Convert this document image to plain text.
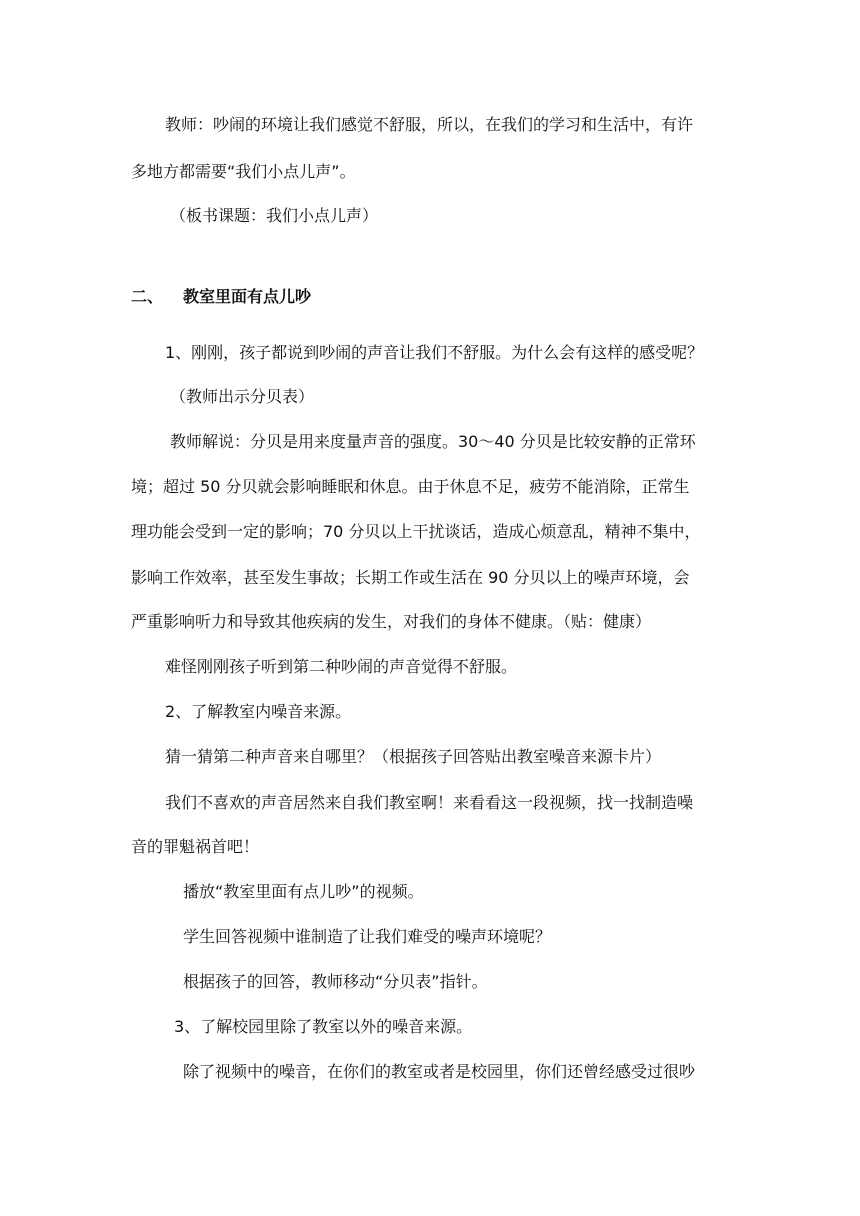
教师：吵闹的环境让我们感觉不舒服，所以，在我们的学习和生活中，有许

多地方都需要“我们小点儿声”。

（板书课题：我们小点儿声）

二、 教室里面有点儿吵

1、刚刚，孩子都说到吵闹的声音让我们不舒服。为什么会有这样的感受呢？

（教师出示分贝表）

教师解说：分贝是用来度量声音的强度。30～40 分贝是比较安静的正常环

境；超过 50 分贝就会影响睡眠和休息。由于休息不足，疲劳不能消除，正常生

理功能会受到一定的影响；70 分贝以上干扰谈话，造成心烦意乱，精神不集中，

影响工作效率，甚至发生事故；长期工作或生活在 90 分贝以上的噪声环境，会

严重影响听力和导致其他疾病的发生，对我们的身体不健康。（贴：健康）

难怪刚刚孩子听到第二种吵闹的声音觉得不舒服。

2、了解教室内噪音来源。

猜一猜第二种声音来自哪里？（根据孩子回答贴出教室噪音来源卡片）

我们不喜欢的声音居然来自我们教室啊！来看看这一段视频，找一找制造噪

音的罪魁祸首吧！

播放“教室里面有点儿吵”的视频。

学生回答视频中谁制造了让我们难受的噪声环境呢？

根据孩子的回答，教师移动“分贝表”指针。

3、了解校园里除了教室以外的噪音来源。

除了视频中的噪音，在你们的教室或者是校园里，你们还曾经感受过很吵
